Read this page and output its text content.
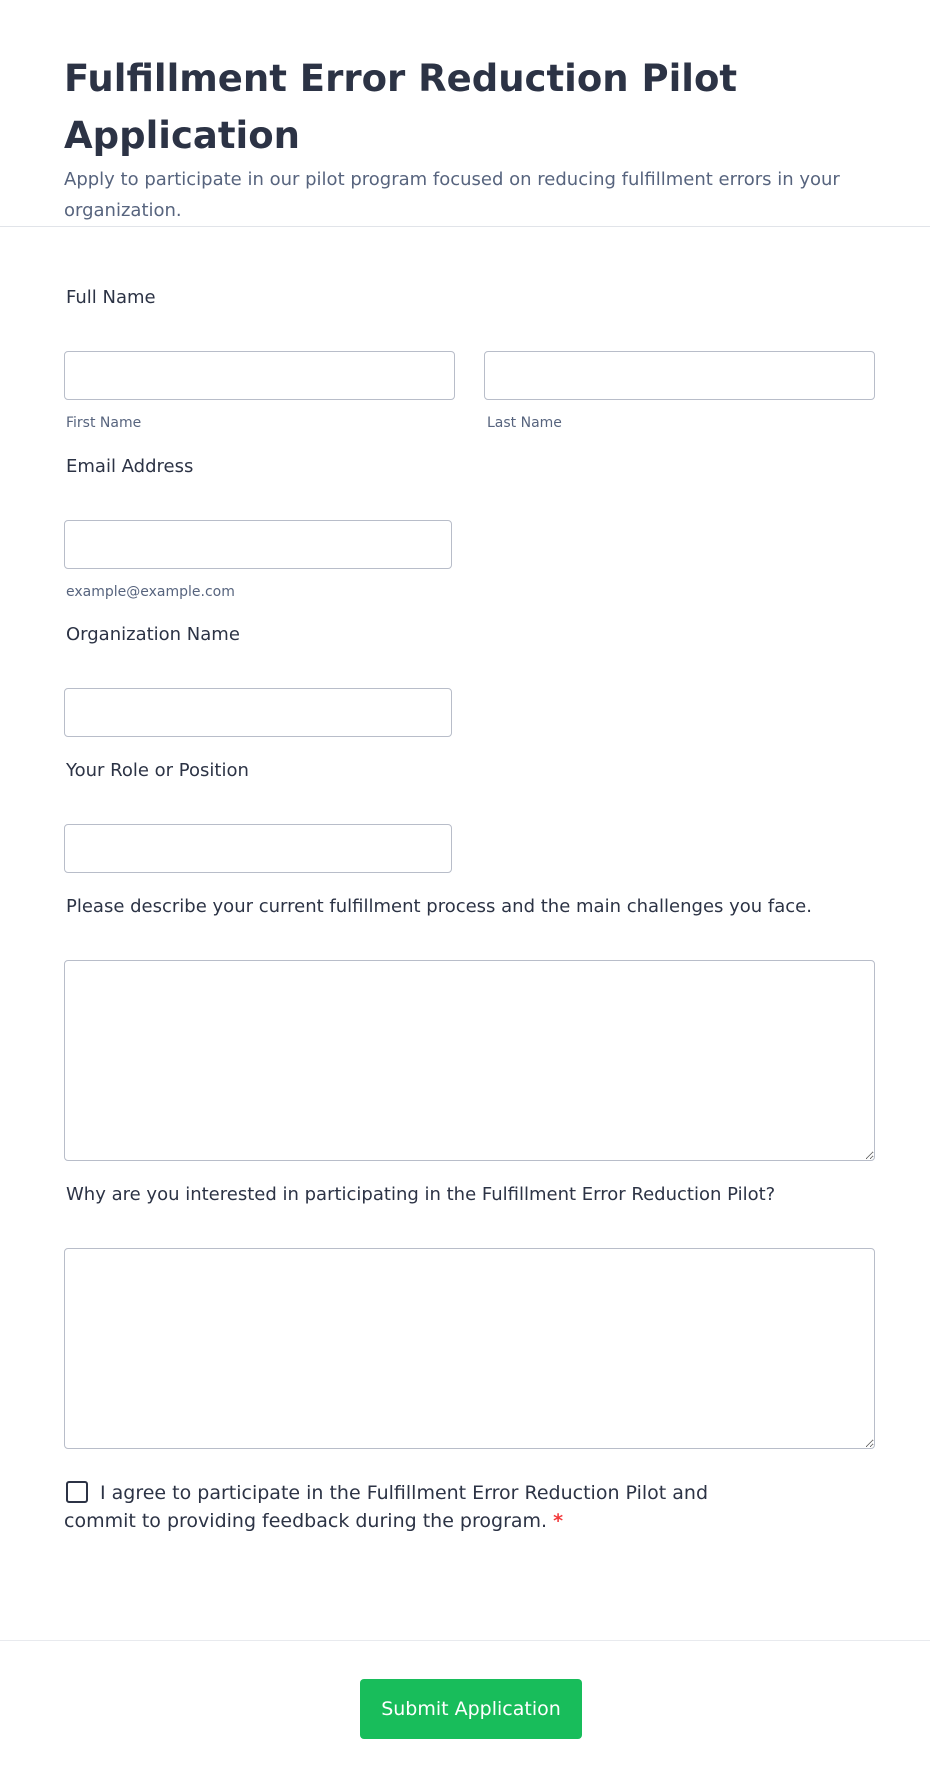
Fulfillment Error Reduction Pilot Application

Apply to participate in our pilot program focused on reducing fulfillment errors in your organization.

Full Name
First Name	Last Name
Email Address
example@example.com
Organization Name
Your Role or Position
Please describe your current fulfillment process and the main challenges you face.
Why are you interested in participating in the Fulfillment Error Reduction Pilot?
I agree to participate in the Fulfillment Error Reduction Pilot and commit to providing feedback during the program. *
Submit Application
